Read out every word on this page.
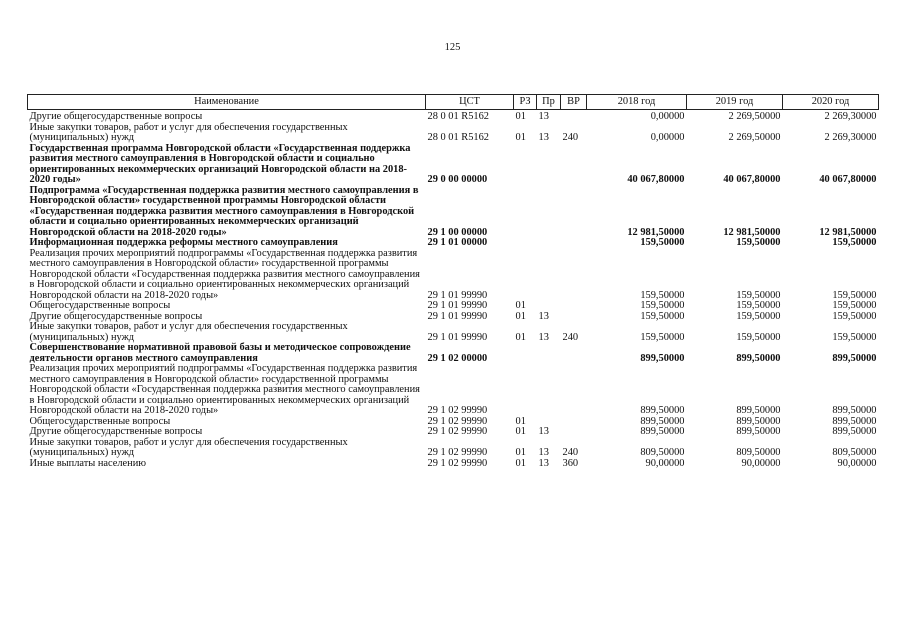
125
Наименование	ЦСТ	РЗ	Пр	ВР	2018 год	2019 год	2020 год

Другие общегосударственные вопросы	28 0 01 R5162	01	13		0,00000	2 269,50000	2 269,30000
Иные закупки товаров, работ и услуг для обеспечения государственных (муниципальных) нужд	28 0 01 R5162	01	13	240	0,00000	2 269,50000	2 269,30000
Государственная программа Новгородской области «Государственная поддержка развития местного самоуправления в Новгородской области и социально ориентированных некоммерческих организаций Новгородской области на 2018-2020 годы»	29 0 00 00000				40 067,80000	40 067,80000	40 067,80000
Подпрограмма «Государственная поддержка развития местного самоуправления в Новгородской области» государственной программы Новгородской области «Государственная поддержка развития местного самоуправления в Новгородской области и социально ориентированных некоммерческих организаций Новгородской области на 2018-2020 годы»	29 1 00 00000				12 981,50000	12 981,50000	12 981,50000
Информационная поддержка реформы местного самоуправления	29 1 01 00000				159,50000	159,50000	159,50000
Реализация прочих мероприятий подпрограммы «Государственная поддержка развития местного самоуправления в Новгородской области» государственной программы Новгородской области «Государственная поддержка развития местного самоуправления в Новгородской области и социально ориентированных некоммерческих организаций Новгородской области на 2018-2020 годы»	29 1 01 99990				159,50000	159,50000	159,50000
Общегосударственные вопросы	29 1 01 99990	01			159,50000	159,50000	159,50000
Другие общегосударственные вопросы	29 1 01 99990	01	13		159,50000	159,50000	159,50000
Иные закупки товаров, работ и услуг для обеспечения государственных (муниципальных) нужд	29 1 01 99990	01	13	240	159,50000	159,50000	159,50000
Совершенствование нормативной правовой базы и методическое сопровождение деятельности органов местного самоуправления	29 1 02 00000				899,50000	899,50000	899,50000
Реализация прочих мероприятий подпрограммы «Государственная поддержка развития местного самоуправления в Новгородской области» государственной программы Новгородской области «Государственная поддержка развития местного самоуправления в Новгородской области и социально ориентированных некоммерческих организаций Новгородской области на 2018-2020 годы»	29 1 02 99990				899,50000	899,50000	899,50000
Общегосударственные вопросы	29 1 02 99990	01			899,50000	899,50000	899,50000
Другие общегосударственные вопросы	29 1 02 99990	01	13		899,50000	899,50000	899,50000
Иные закупки товаров, работ и услуг для обеспечения государственных (муниципальных) нужд	29 1 02 99990	01	13	240	809,50000	809,50000	809,50000
Иные выплаты населению	29 1 02 99990	01	13	360	90,00000	90,00000	90,00000
